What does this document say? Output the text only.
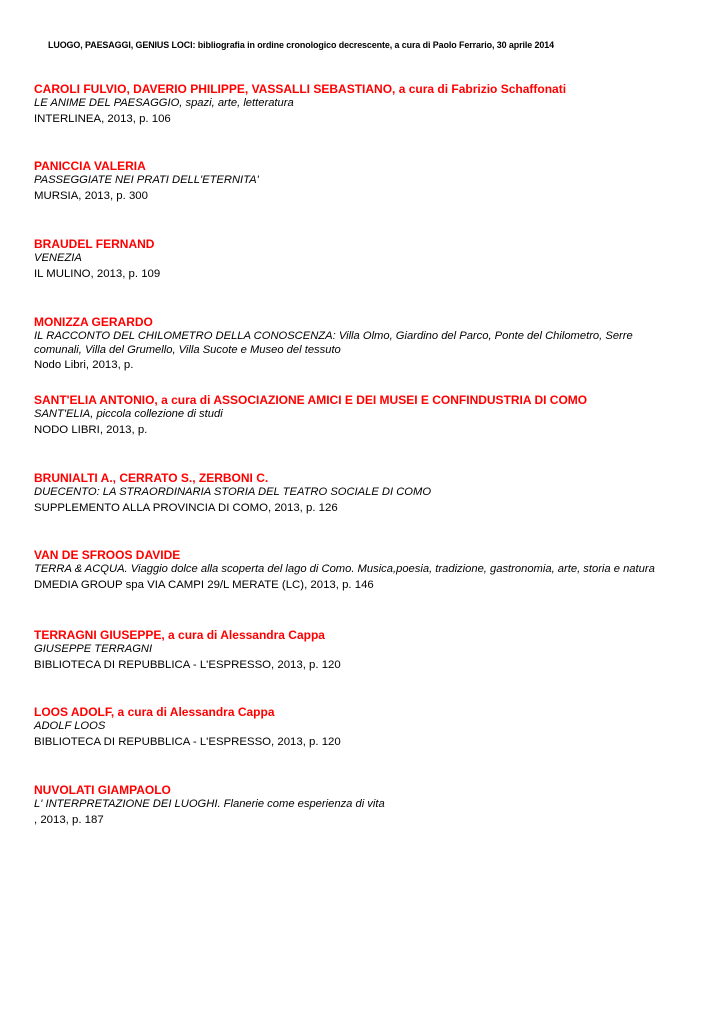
LUOGO, PAESAGGI, GENIUS LOCI: bibliografia in ordine cronologico decrescente, a cura di Paolo Ferrario, 30 aprile 2014
CAROLI FULVIO, DAVERIO PHILIPPE, VASSALLI SEBASTIANO, a cura di Fabrizio Schaffonati
LE ANIME DEL PAESAGGIO, spazi, arte, letteratura
INTERLINEA, 2013, p. 106
PANICCIA VALERIA
PASSEGGIATE NEI PRATI DELL'ETERNITA'
MURSIA, 2013, p. 300
BRAUDEL FERNAND
VENEZIA
IL MULINO, 2013, p. 109
MONIZZA GERARDO
IL RACCONTO DEL CHILOMETRO DELLA CONOSCENZA: Villa Olmo, Giardino del Parco, Ponte del Chilometro, Serre comunali, Villa del Grumello, Villa Sucote e Museo del tessuto
Nodo Libri, 2013, p.
SANT'ELIA ANTONIO, a cura di ASSOCIAZIONE AMICI E DEI MUSEI E CONFINDUSTRIA DI COMO
SANT'ELIA, piccola collezione di studi
NODO LIBRI, 2013, p.
BRUNIALTI A., CERRATO S., ZERBONI C.
DUECENTO: LA STRAORDINARIA STORIA DEL TEATRO SOCIALE DI COMO
SUPPLEMENTO ALLA PROVINCIA DI COMO, 2013, p. 126
VAN DE SFROOS DAVIDE
TERRA & ACQUA. Viaggio dolce alla scoperta del lago di Como. Musica,poesia, tradizione, gastronomia, arte, storia e natura
DMEDIA GROUP spa VIA CAMPI 29/L MERATE (LC), 2013, p. 146
TERRAGNI GIUSEPPE, a cura di Alessandra Cappa
GIUSEPPE TERRAGNI
BIBLIOTECA DI REPUBBLICA - L'ESPRESSO, 2013, p. 120
LOOS ADOLF, a cura di Alessandra Cappa
ADOLF LOOS
BIBLIOTECA DI REPUBBLICA - L'ESPRESSO, 2013, p. 120
NUVOLATI GIAMPAOLO
L' INTERPRETAZIONE DEI LUOGHI. Flanerie come esperienza di vita
, 2013, p. 187
